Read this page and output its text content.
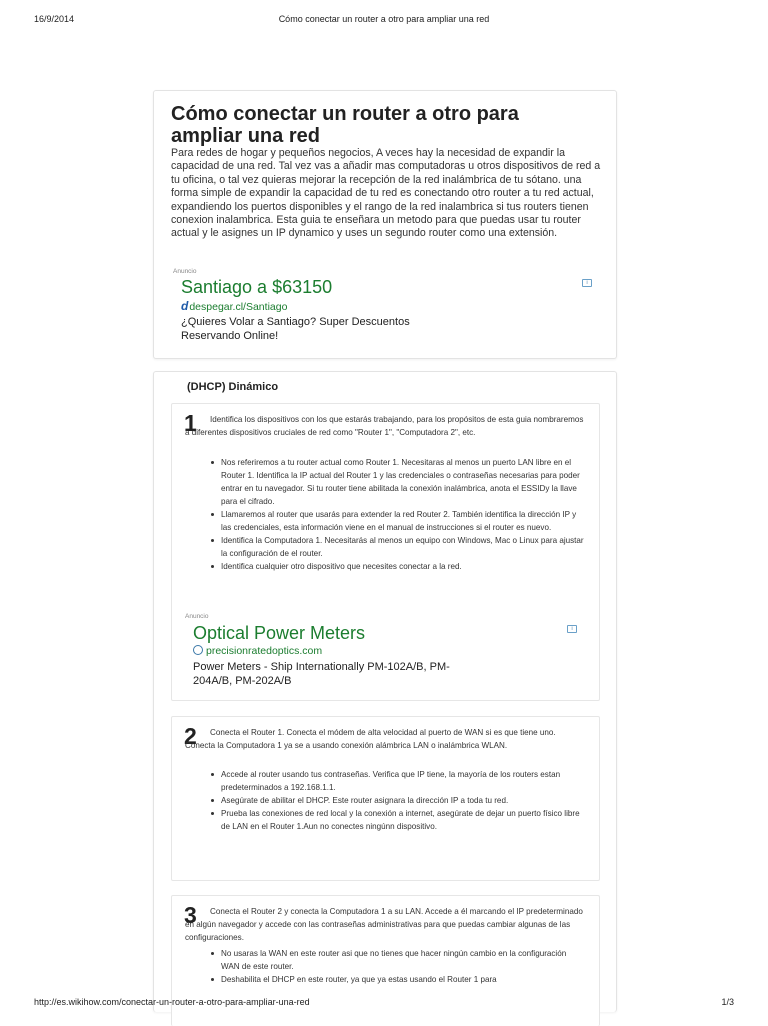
16/9/2014	Cómo conectar un router a otro para ampliar una red
Cómo conectar un router a otro para ampliar una red
Para redes de hogar y pequeños negocios, A veces hay la necesidad de expandir la capacidad de una red. Tal vez vas a añadir mas computadoras u otros dispositivos de red a tu oficina, o tal vez quieras mejorar la recepción de la red inalámbrica de tu sótano. una forma simple de expandir la capacidad de tu red es conectando otro router a tu red actual, expandiendo los puertos disponibles y el rango de la red inalambrica si tus routers tienen conexion inalambrica. Esta guia te enseñara un metodo para que puedas usar tu router actual y le asignes un IP dynamico y uses un segundo router como una extensión.
Anuncio
Santiago a $63150	i
ddespegar.cl/Santiago
¿Quieres Volar a Santiago? Super Descuentos
Reservando Online!
(DHCP) Dinámico
1	Identifica los dispositivos con los que estarás trabajando, para los propósitos de esta guia nombraremos a diferentes dispositivos cruciales de red como "Router 1", "Computadora 2", etc.
Nos referiremos a tu router actual como Router 1. Necesitaras al menos un puerto LAN libre en el Router 1. Identifica la IP actual del Router 1 y las credenciales o contraseñas necesarias para poder entrar en tu navegador. Si tu router tiene abilitada la conexión inalámbrica, anota el ESSIDy la llave para el cifrado.
Llamaremos al router que usarás para extender la red Router 2. También identifica la dirección IP y las credenciales, esta información viene en el manual de instrucciones si el router es nuevo.
Identifica la Computadora 1. Necesitarás al menos un equipo con Windows, Mac o Linux para ajustar la configuración de el router.
Identifica cualquier otro dispositivo que necesites conectar a la red.
Anuncio
Optical Power Meters	i
precisionratedoptics.com
Power Meters - Ship Internationally PM-102A/B, PM-
204A/B, PM-202A/B
2	Conecta el Router 1. Conecta el módem de alta velocidad al puerto de WAN si es que tiene uno. Conecta la Computadora 1 ya se a usando conexión alámbrica LAN o inalámbrica WLAN.
Accede al router usando tus contraseñas. Verifica que IP tiene, la mayoría de los routers estan predeterminados a 192.168.1.1.
Asegúrate de abilitar el DHCP. Este router asignara la dirección IP a toda tu red.
Prueba las conexiones de red local y la conexión a internet, asegúrate de dejar un puerto físico libre de LAN en el Router 1.Aun no conectes ningúnn dispositivo.
3	Conecta el Router 2 y conecta la Computadora 1 a su LAN. Accede a él marcando el IP predeterminado en algún navegador y accede con las contraseñas administrativas para que puedas cambiar algunas de las configuraciones.
No usaras la WAN en este router asi que no tienes que hacer ningún cambio en la configuración WAN de este router.
Deshabilita el DHCP en este router, ya que ya estas usando el Router 1 para
http://es.wikihow.com/conectar-un-router-a-otro-para-ampliar-una-red	1/3
